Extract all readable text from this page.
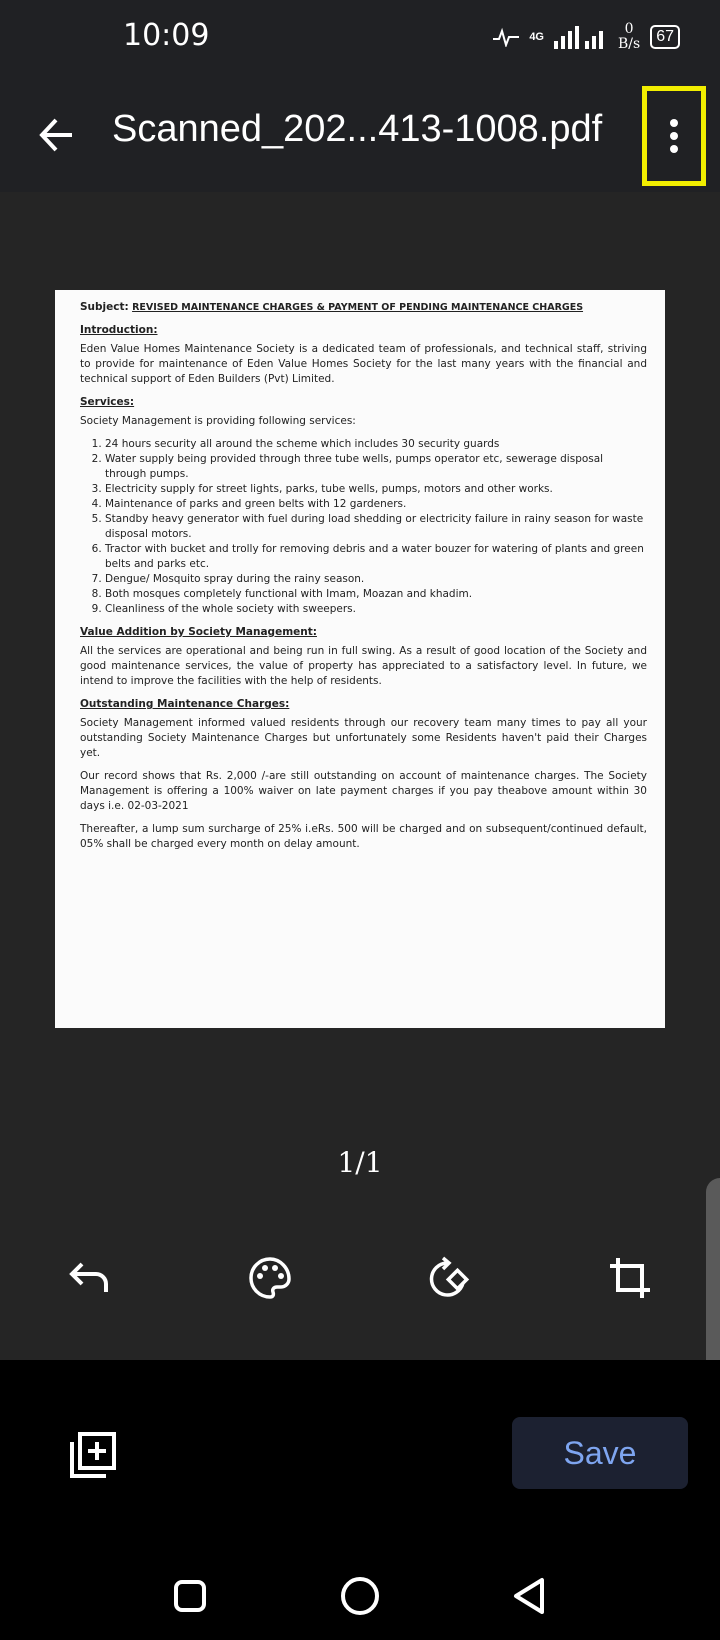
10:09	4G	0
B/s	67
Scanned_202...413-1008.pdf
Subject: REVISED MAINTENANCE CHARGES & PAYMENT OF PENDING MAINTENANCE CHARGES
Introduction:

Eden Value Homes Maintenance Society is a dedicated team of professionals, and technical staff, striving to provide for maintenance of Eden Value Homes Society for the last many years with the financial and technical support of Eden Builders (Pvt) Limited.

Services:

Society Management is providing following services:

1. 24 hours security all around the scheme which includes 30 security guards
2. Water supply being provided through three tube wells, pumps operator etc, sewerage disposal through pumps.
3. Electricity supply for street lights, parks, tube wells, pumps, motors and other works.
4. Maintenance of parks and green belts with 12 gardeners.
5. Standby heavy generator with fuel during load shedding or electricity failure in rainy season for waste disposal motors.
6. Tractor with bucket and trolly for removing debris and a water bouzer for watering of plants and green belts and parks etc.
7. Dengue/ Mosquito spray during the rainy season.
8. Both mosques completely functional with Imam, Moazan and khadim.
9. Cleanliness of the whole society with sweepers.
Value Addition by Society Management:

All the services are operational and being run in full swing. As a result of good location of the Society and good maintenance services, the value of property has appreciated to a satisfactory level. In future, we intend to improve the facilities with the help of residents.

Outstanding Maintenance Charges:

Society Management informed valued residents through our recovery team many times to pay all your outstanding Society Maintenance Charges but unfortunately some Residents haven't paid their Charges yet.

Our record shows that Rs. 2,000 /-are still outstanding on account of maintenance charges. The Society Management is offering a 100% waiver on late payment charges if you pay theabove amount within 30 days i.e. 02-03-2021

Thereafter, a lump sum surcharge of 25% i.eRs. 500 will be charged and on subsequent/continued default, 05% shall be charged every month on delay amount.

1/1
Save
